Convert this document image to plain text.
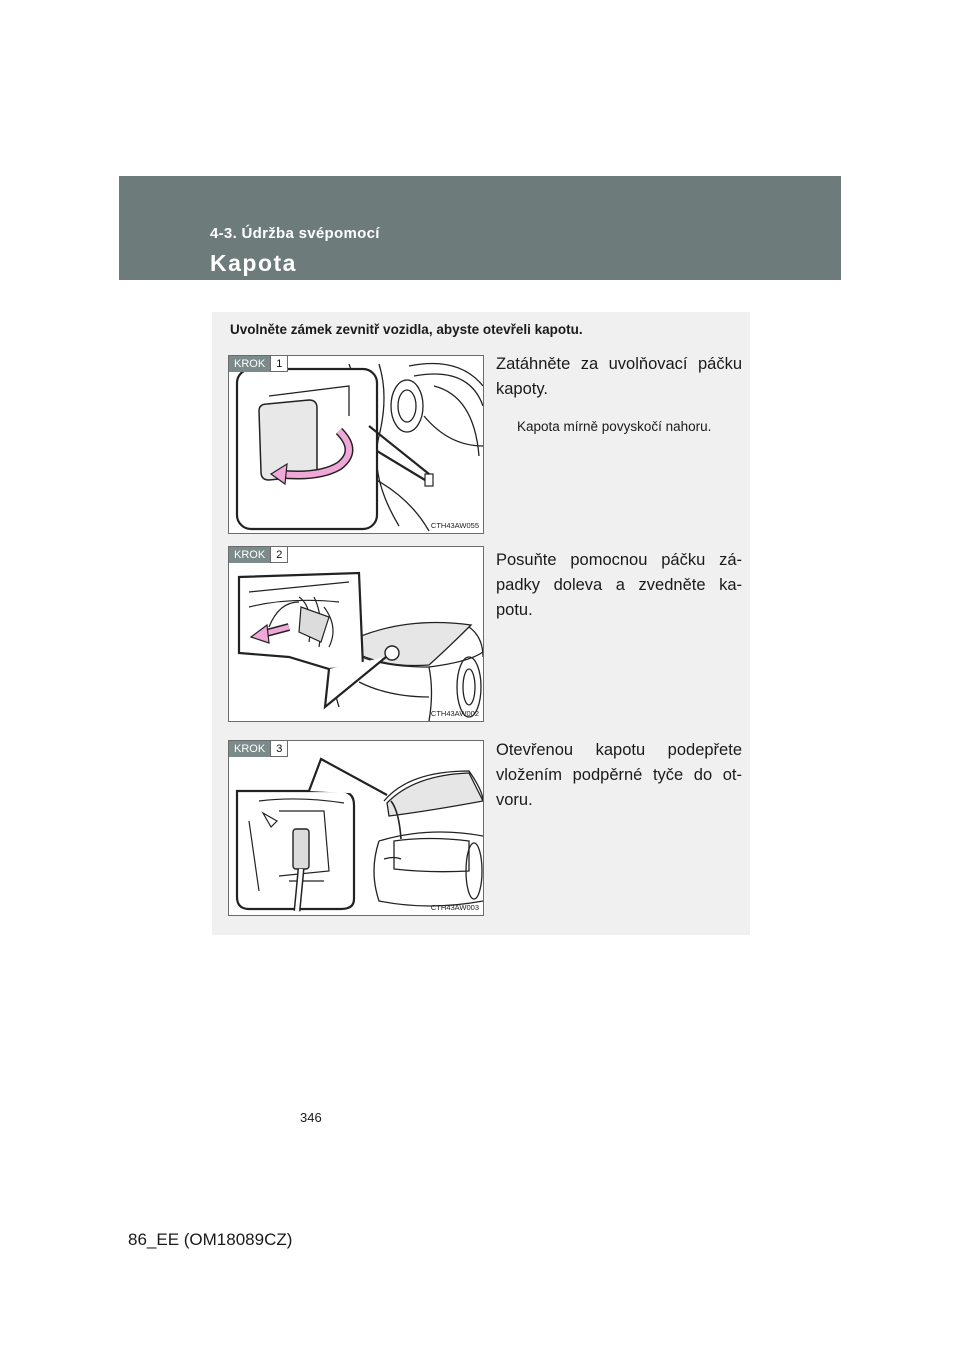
4-3. Údržba svépomocí
Kapota
Uvolněte zámek zevnitř vozidla, abyste otevřeli kapotu.
KROK	1
CTH43AW055
Zatáhněte za uvolňovací páčku kapoty.
Kapota mírně povyskočí nahoru.
KROK	2
CTH43AW002
Posuňte pomocnou páčku zá- padky doleva a zvedněte ka- potu.
KROK	3
CTH43AW003
Otevřenou kapotu podepřete vložením podpěrné tyče do ot- voru.
346
86_EE (OM18089CZ)
